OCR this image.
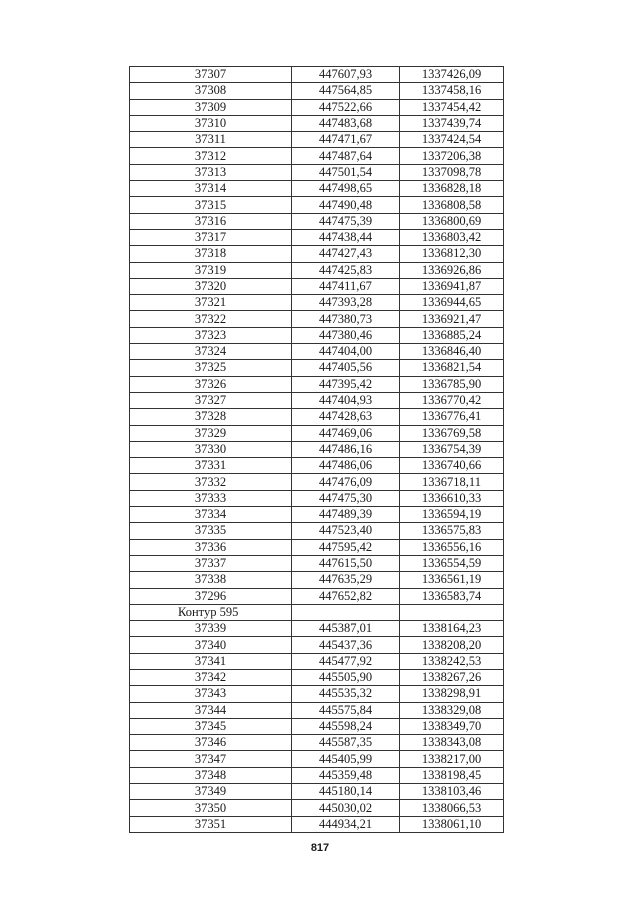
37307	447607,93	1337426,09
37308	447564,85	1337458,16
37309	447522,66	1337454,42
37310	447483,68	1337439,74
37311	447471,67	1337424,54
37312	447487,64	1337206,38
37313	447501,54	1337098,78
37314	447498,65	1336828,18
37315	447490,48	1336808,58
37316	447475,39	1336800,69
37317	447438,44	1336803,42
37318	447427,43	1336812,30
37319	447425,83	1336926,86
37320	447411,67	1336941,87
37321	447393,28	1336944,65
37322	447380,73	1336921,47
37323	447380,46	1336885,24
37324	447404,00	1336846,40
37325	447405,56	1336821,54
37326	447395,42	1336785,90
37327	447404,93	1336770,42
37328	447428,63	1336776,41
37329	447469,06	1336769,58
37330	447486,16	1336754,39
37331	447486,06	1336740,66
37332	447476,09	1336718,11
37333	447475,30	1336610,33
37334	447489,39	1336594,19
37335	447523,40	1336575,83
37336	447595,42	1336556,16
37337	447615,50	1336554,59
37338	447635,29	1336561,19
37296	447652,82	1336583,74
Контур 595		
37339	445387,01	1338164,23
37340	445437,36	1338208,20
37341	445477,92	1338242,53
37342	445505,90	1338267,26
37343	445535,32	1338298,91
37344	445575,84	1338329,08
37345	445598,24	1338349,70
37346	445587,35	1338343,08
37347	445405,99	1338217,00
37348	445359,48	1338198,45
37349	445180,14	1338103,46
37350	445030,02	1338066,53
37351	444934,21	1338061,10
817
